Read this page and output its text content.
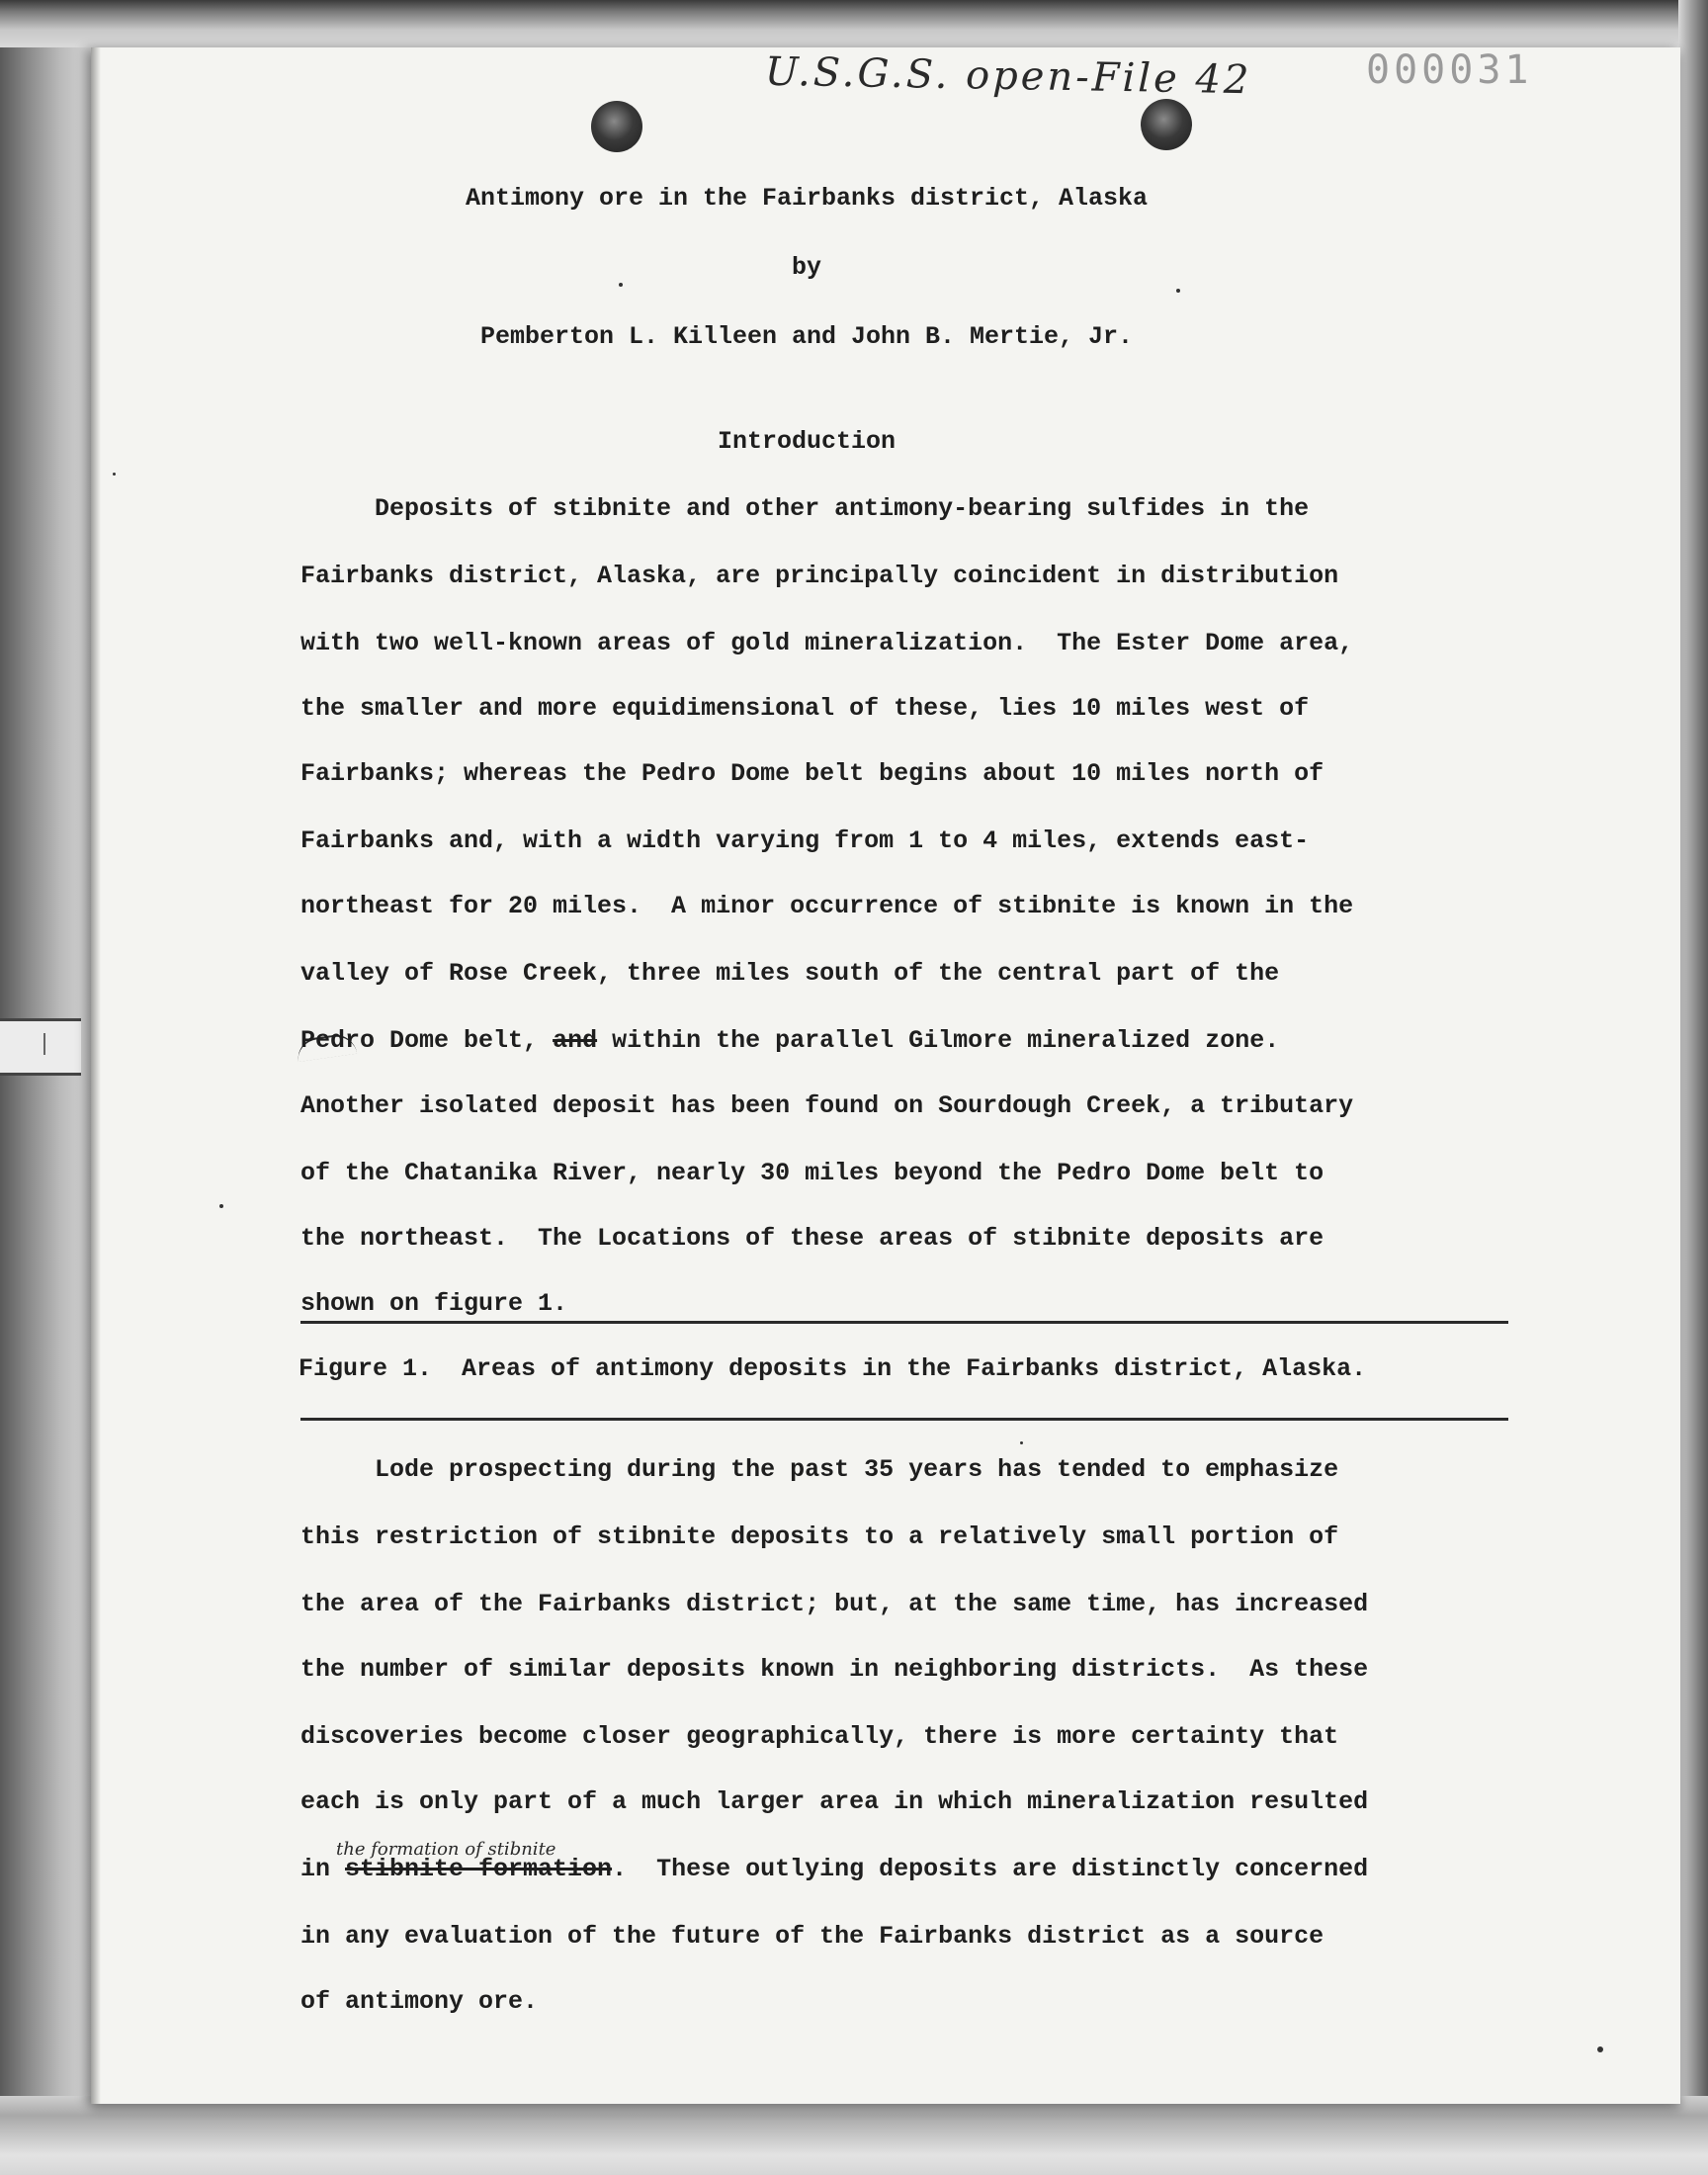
U.S.G.S. open-File 42	000031
Antimony ore in the Fairbanks district, Alaska
by
Pemberton L. Killeen and John B. Mertie, Jr.
Introduction
Deposits of stibnite and other antimony-bearing sulfides in the
Fairbanks district, Alaska, are principally coincident in distribution
with two well-known areas of gold mineralization.  The Ester Dome area,
the smaller and more equidimensional of these, lies 10 miles west of
Fairbanks; whereas the Pedro Dome belt begins about 10 miles north of
Fairbanks and, with a width varying from 1 to 4 miles, extends east-
northeast for 20 miles.  A minor occurrence of stibnite is known in the
valley of Rose Creek, three miles south of the central part of the
Pedro Dome belt, and within the parallel Gilmore mineralized zone.
Another isolated deposit has been found on Sourdough Creek, a tributary
of the Chatanika River, nearly 30 miles beyond the Pedro Dome belt to
the northeast.  The Locations of these areas of stibnite deposits are
shown on figure 1.
Figure 1.  Areas of antimony deposits in the Fairbanks district, Alaska.
Lode prospecting during the past 35 years has tended to emphasize
this restriction of stibnite deposits to a relatively small portion of
the area of the Fairbanks district; but, at the same time, has increased
the number of similar deposits known in neighboring districts.  As these
discoveries become closer geographically, there is more certainty that
each is only part of a much larger area in which mineralization resulted
the formation of stibnite
in stibnite formation.  These outlying deposits are distinctly concerned
in any evaluation of the future of the Fairbanks district as a source
of antimony ore.
